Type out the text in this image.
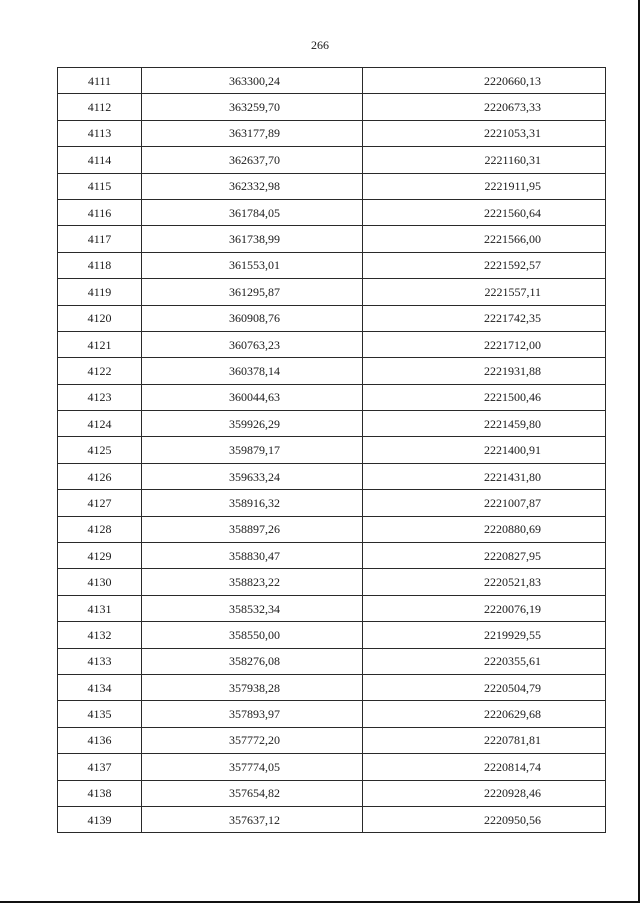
266
4111	363300,24	2220660,13
4112	363259,70	2220673,33
4113	363177,89	2221053,31
4114	362637,70	2221160,31
4115	362332,98	2221911,95
4116	361784,05	2221560,64
4117	361738,99	2221566,00
4118	361553,01	2221592,57
4119	361295,87	2221557,11
4120	360908,76	2221742,35
4121	360763,23	2221712,00
4122	360378,14	2221931,88
4123	360044,63	2221500,46
4124	359926,29	2221459,80
4125	359879,17	2221400,91
4126	359633,24	2221431,80
4127	358916,32	2221007,87
4128	358897,26	2220880,69
4129	358830,47	2220827,95
4130	358823,22	2220521,83
4131	358532,34	2220076,19
4132	358550,00	2219929,55
4133	358276,08	2220355,61
4134	357938,28	2220504,79
4135	357893,97	2220629,68
4136	357772,20	2220781,81
4137	357774,05	2220814,74
4138	357654,82	2220928,46
4139	357637,12	2220950,56
